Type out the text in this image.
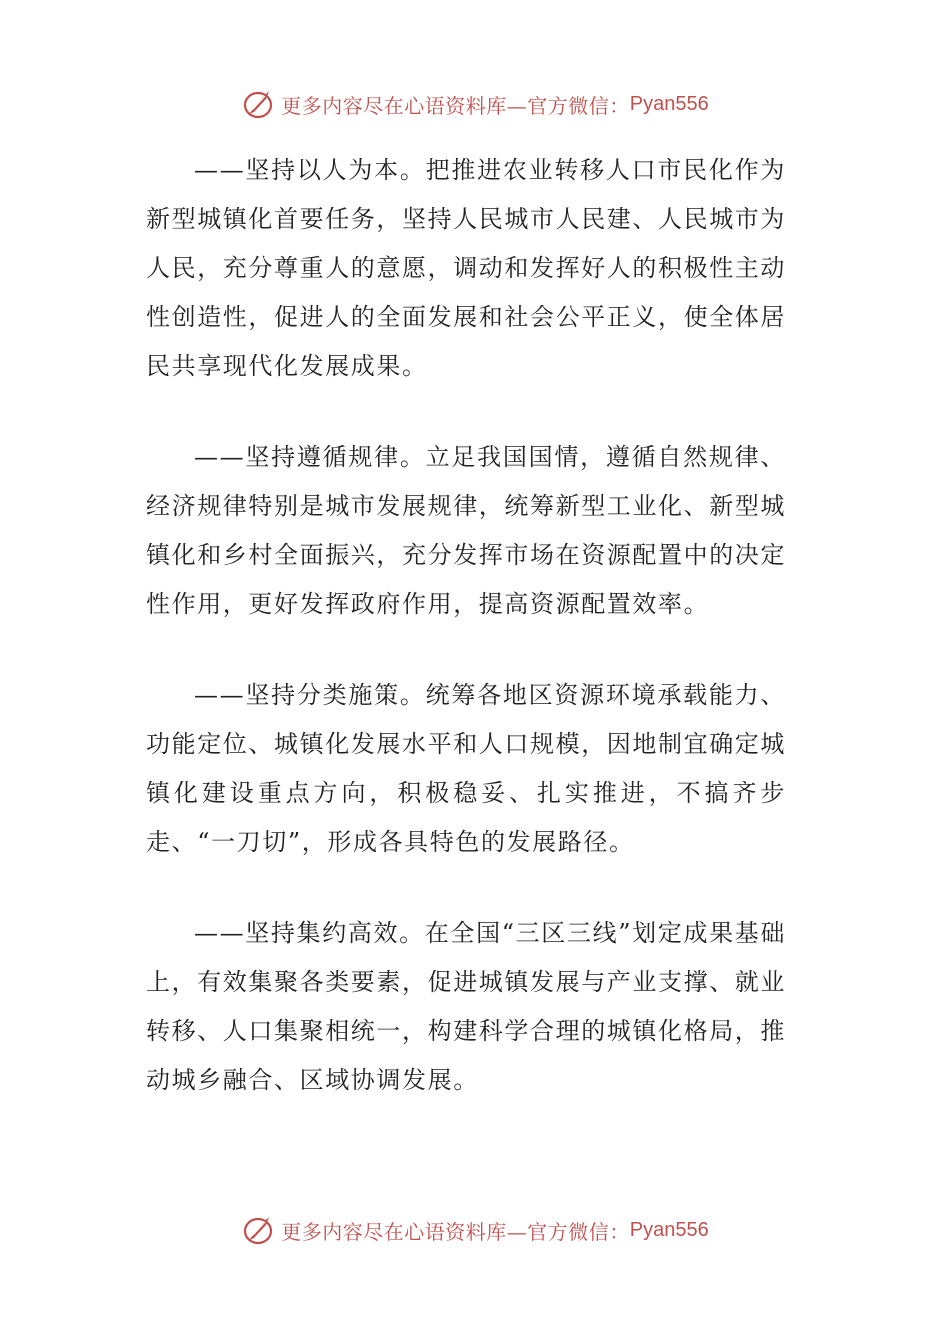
更多内容尽在心语资料库—官方微信： Pyan556

——坚持以人为本。把推进农业转移人口市民化作为新型城镇化首要任务，坚持人民城市人民建、人民城市为人民，充分尊重人的意愿，调动和发挥好人的积极性主动性创造性，促进人的全面发展和社会公平正义，使全体居民共享现代化发展成果。

——坚持遵循规律。立足我国国情，遵循自然规律、经济规律特别是城市发展规律，统筹新型工业化、新型城镇化和乡村全面振兴，充分发挥市场在资源配置中的决定性作用，更好发挥政府作用，提高资源配置效率。

——坚持分类施策。统筹各地区资源环境承载能力、功能定位、城镇化发展水平和人口规模，因地制宜确定城镇化建设重点方向，积极稳妥、扎实推进，不搞齐步走、“一刀切”，形成各具特色的发展路径。

——坚持集约高效。在全国“三区三线”划定成果基础上，有效集聚各类要素，促进城镇发展与产业支撑、就业转移、人口集聚相统一，构建科学合理的城镇化格局，推动城乡融合、区域协调发展。

更多内容尽在心语资料库—官方微信： Pyan556
